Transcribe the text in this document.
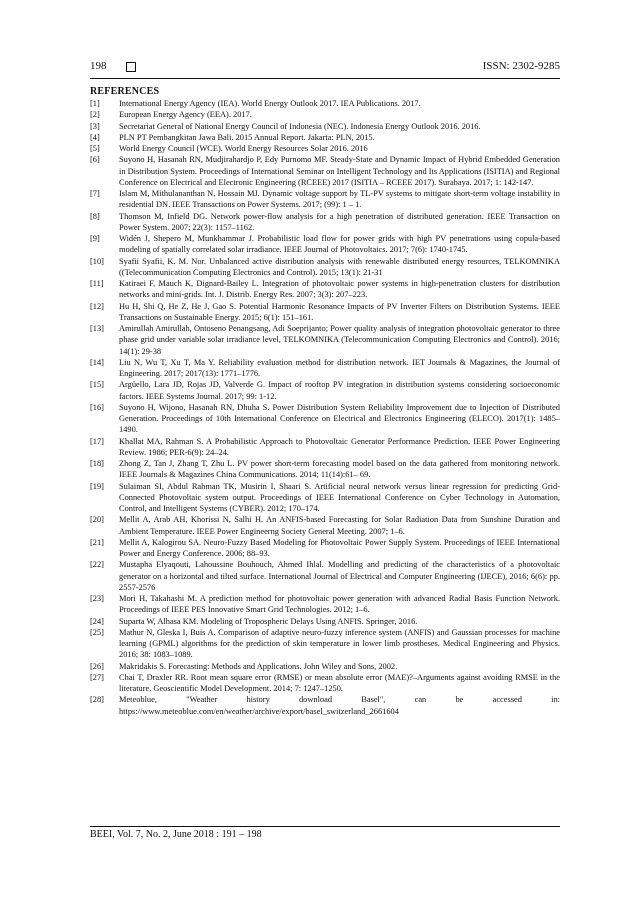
198	ISSN: 2302-9285
REFERENCES
[1] International Energy Agency (IEA). World Energy Outlook 2017. IEA Publications. 2017.
[2] European Energy Agency (EEA). 2017.
[3] Secretariat General of National Energy Council of Indonesia (NEC). Indonesia Energy Outlook 2016. 2016.
[4] PLN PT Pembangkitan Jawa Bali. 2015 Annual Report. Jakarta: PLN, 2015.
[5] World Energy Council (WCE). World Energy Resources Solar 2016. 2016
[6] Suyono H, Hasanah RN, Mudjirahardjo P, Edy Purnomo MF. Steady-State and Dynamic Impact of Hybrid Embedded Generation in Distribution System. Proceedings of International Seminar on Intelligent Technology and Its Applications (ISITIA) and Regional Conference on Electrical and Electronic Engineering (RCEEE) 2017 (ISITIA – RCEEE 2017). Surabaya. 2017; 1: 142-147.
[7] Islam M, Mithulananthan N, Hossain MJ. Dynamic voltage support by TL-PV systems to mitigate short-term voltage instability in residential DN. IEEE Transactions on Power Systems. 2017; (99): 1 – 1.
[8] Thomson M, Infield DG. Network power-flow analysis for a high penetration of distributed generation. IEEE Transaction on Power System. 2007; 22(3): 1157–1162.
[9] Widén J, Shepero M, Munkhammar J. Probabilistic load flow for power grids with high PV penetrations using copula-based modeling of spatially correlated solar irradiance. IEEE Journal of Photovoltaics. 2017; 7(6): 1740-1745.
[10] Syafii Syafii, K. M. Nor. Unbalanced active distribution analysis with renewable distributed energy resources, TELKOMNIKA ((Telecommunication Computing Electronics and Control). 2015; 13(1): 21-31
[11] Katiraei F, Mauch K, Dignard-Bailey L. Integration of photovoltaic power systems in high-penetration clusters for distribution networks and mini-grids. Int. J. Distrib. Energy Res. 2007; 3(3): 207–223.
[12] Hu H, Shi Q, He Z, He J, Gao S. Potential Harmonic Resonance Impacts of PV Inverter Filters on Distribution Systems. IEEE Transactions on Sustainable Energy. 2015; 6(1): 151–161.
[13] Amirullah Amirullah, Ontoseno Penangsang, Adi Soeprijanto; Power quality analysis of integration photovoltaic generator to three phase grid under variable solar irradiance level, TELKOMNIKA (Telecommunication Computing Electronics and Control). 2016; 14(1): 29-38
[14] Liu N, Wu T, Xu T, Ma Y. Reliability evaluation method for distribution network. IET Journals & Magazines, the Journal of Engineering. 2017; 2017(13): 1771–1776.
[15] Argüello, Lara JD, Rojas JD, Valverde G. Impact of rooftop PV integration in distribution systems considering socioeconomic factors. IEEE Systems Journal. 2017; 99: 1-12.
[16] Suyono H, Wijono, Hasanah RN, Dhuha S. Power Distribution System Reliability Improvement due to Injection of Distributed Generation. Proceedings of 10th International Conference on Electrical and Electronics Engineering (ELECO). 2017(1): 1485–1490.
[17] Khallat MA, Rahman S. A Probabilistic Approach to Photovoltaic Generator Performance Prediction. IEEE Power Engineering Review. 1986; PER-6(9): 24–24.
[18] Zhong Z, Tan J, Zhang T, Zhu L. PV power short-term forecasting model based on the data gathered from monitoring network. IEEE Journals & Magazines China Communications. 2014; 11(14):61– 69.
[19] Sulaiman SI, Abdul Rahman TK, Musirin I, Shaari S. Artificial neural network versus linear regression for predicting Grid-Connected Photovoltaic system output. Proceedings of IEEE International Conference on Cyber Technology in Automation, Control, and Intelligent Systems (CYBER). 2012; 170–174.
[20] Mellit A, Arab AH, Khorissi N, Salhi H. An ANFIS-based Forecasting for Solar Radiation Data from Sunshine Duration and Ambient Temperature. IEEE Power Engineerng Society General Meeting. 2007; 1–6.
[21] Mellit A, Kalogirou SA. Neuro-Fuzzy Based Modeling for Photovoltaic Power Supply System. Proceedings of IEEE International Power and Energy Conference. 2006; 88–93.
[22] Mustapha Elyaqouti, Lahoussine Bouhouch, Ahmed Ihlal. Modelling and predicting of the characteristics of a photovoltaic generator on a horizontal and tilted surface. International Journal of Electrical and Computer Engineering (IJECE), 2016; 6(6): pp. 2557-2576
[23] Mori H, Takahashi M. A prediction method for photovoltaic power generation with advanced Radial Basis Function Network. Proceedings of IEEE PES Innovative Smart Grid Technologies. 2012; 1–6.
[24] Suparta W, Alhasa KM. Modeling of Tropospheric Delays Using ANFIS. Springer, 2016.
[25] Mathur N, Gleska I, Buis A. Comparison of adaptive neuro-fuzzy inference system (ANFIS) and Gaussian processes for machine learning (GPML) algorithms for the prediction of skin temperature in lower limb prostheses. Medical Engineering and Physics. 2016; 38: 1083–1089.
[26] Makridakis S. Forecasting: Methods and Applications. John Wiley and Sons, 2002.
[27] Chai T, Draxler RR. Root mean square error (RMSE) or mean absolute error (MAE)?–Arguments against avoiding RMSE in the literature. Geoscientific Model Development. 2014; 7: 1247–1250.
[28] Meteoblue, "Weather history download Basel", can be accessed in: https://www.meteoblue.com/en/weather/archive/export/basel_switzerland_2661604
BEEI, Vol. 7, No. 2, June 2018 : 191 – 198
